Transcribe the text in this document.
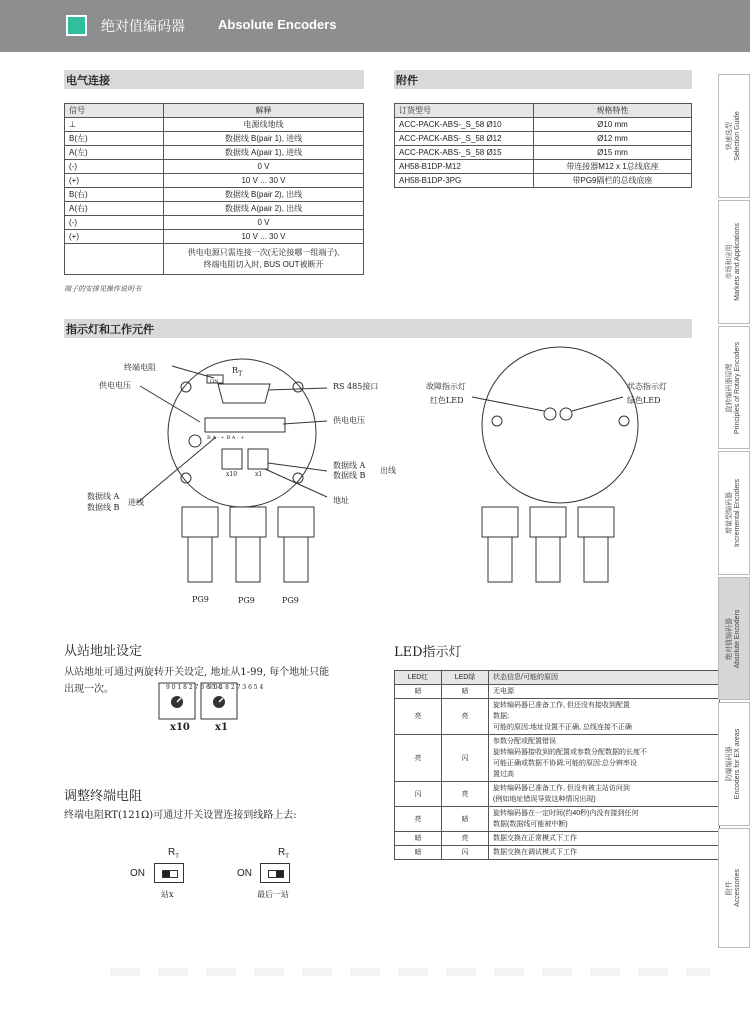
绝对值编码器	Absolute Encoders
电气连接	附件
指示灯和工作元件
信号	解释
⊥	电源线地线
B(左)	数据线 B(pair 1), 进线
A(左)	数据线 A(pair 1), 进线
(-)	0 V
(+)	10 V ... 30 V
B(右)	数据线 B(pair 2), 出线
A(右)	数据线 A(pair 2), 出线
(-)	0 V
(+)	10 V ... 30 V

	供电电源只需连接一次(无论接哪一组端子),
终端电阻切入时, BUS OUT被断开
端子的安排见操作说明书
订货型号	规格特性
ACC-PACK-ABS-_S_58 Ø10	Ø10 mm
ACC-PACK-ABS-_S_58 Ø12	Ø12 mm
ACC-PACK-ABS-_S_58 Ø15	Ø15 mm
AH58-B1DP-M12	带连接器M12 x 1总线底座
AH58-B1DP-3PG	带PG9隔栏的总线底座
终端电阻
供电电压	RS 485接口
供电电压
数据线 A
数据线 B
出线
地址
数据线 A
数据线 B
进线
$R_T$
ON
B A - + B A - +
x10	x1
PG9	PG9	PG9
故障指示灯
红色LED
状态指示灯
绿色LED
从站地址设定
从站地址可通过两旋转开关设定, 地址从1-99, 每个地址只能
出现一次。	9 0 1 8 2 7 3 6 5 4
9 0 1 8 2 7 3 6 5 4
x10	x1
调整终端电阻
终端电阻RT(121Ω)可通过开关设置连接到线路上去:
$R_T$
ON
站x
$R_T$
ON
最后一站
LED指示灯
LED红	LED绿	状态信息/可能的原因
暗	暗	无电源

亮	亮	旋转编码器已准备工作, 但还没有接收到配置
数据;
可能的原因:地址设置不正确, 总线连接不正确

亮	闪	参数分配或配置错误
旋转编码器接收到的配置或参数分配数据的长度不
可能正确或数据不协调;可能的原因:总分辨率设
置过高

闪	亮	旋转编码器已准备工作, 但没有被主站访问到
(例如地址错误导致这种情况出现)

亮	暗	旋转编码器在一定时间(约40秒)内没有接到任何
数据(数据线可能被中断)

暗	亮	数据交换在正常模式下工作

暗	闪	数据交换在调试模式下工作
快速选型 Selection Guide
市场和应用 Markets and Applications
旋转编码器原理 Principles of Rotary Encoders
增量型编码器 Incremental Encoders
绝对值编码器 Absolute Encoders
防爆编码器 Encoders for EX areas
附件 Accessories
